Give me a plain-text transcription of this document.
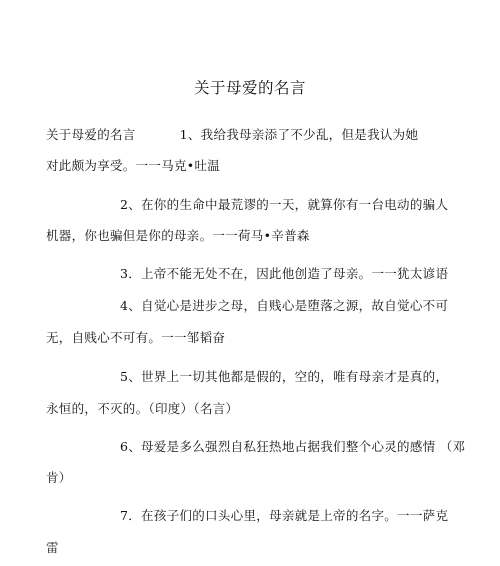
关于母爱的名言
关于母爱的名言	1、我给我母亲添了不少乱，但是我认为她
对此颇为享受。一一马克•吐温
2、在你的生命中最荒谬的一天，就算你有一台电动的骗人
机器，你也骗但是你的母亲。一一荷马•辛普森
3．上帝不能无处不在，因此他创造了母亲。一一犹太谚语
4、自觉心是进步之母，自贱心是堕落之源，故自觉心不可
无，自贱心不可有。一一邹韬奋
5、世界上一切其他都是假的，空的，唯有母亲才是真的，
永恒的，不灭的。（印度）（名言）
6、母爱是多么强烈自私狂热地占据我们整个心灵的感情 （邓
肯）
7．在孩子们的口头心里，母亲就是上帝的名字。一一萨克
雷
